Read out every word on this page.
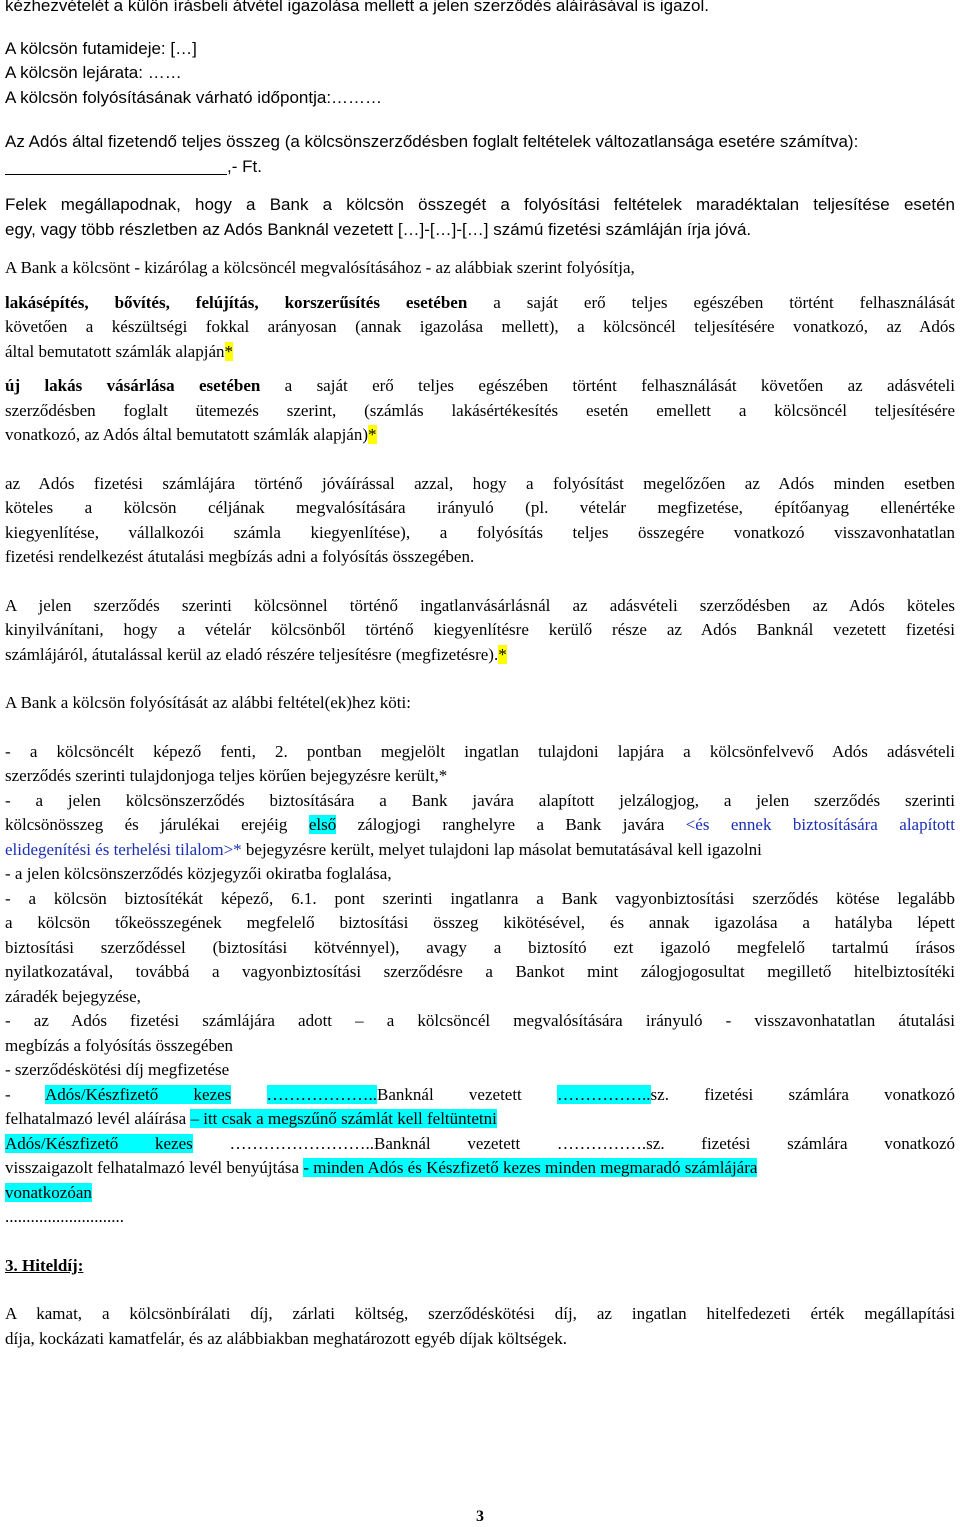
kézhezvételét a külön írásbeli átvétel igazolása mellett a jelen szerződés aláírásával is igazol.
A kölcsön futamideje: […]
A kölcsön lejárata: ……
A kölcsön folyósításának várható időpontja:………
Az Adós által fizetendő teljes összeg (a kölcsönszerződésben foglalt feltételek változatlansága esetére számítva):
,- Ft.
Felek megállapodnak, hogy a Bank a kölcsön összegét a folyósítási feltételek maradéktalan teljesítése esetén
egy, vagy több részletben az Adós Banknál vezetett […]-[…]-[…] számú fizetési számláján írja jóvá.
A Bank a kölcsönt - kizárólag a kölcsöncél megvalósításához - az alábbiak szerint folyósítja,
lakásépítés, bővítés, felújítás, korszerűsítés esetében a saját erő teljes egészében történt felhasználását
követően a készültségi fokkal arányosan (annak igazolása mellett), a kölcsöncél teljesítésére vonatkozó, az Adós
által bemutatott számlák alapján*
új lakás vásárlása esetében a saját erő teljes egészében történt felhasználását követően az adásvételi
szerződésben foglalt ütemezés szerint, (számlás lakásértékesítés esetén emellett a kölcsöncél teljesítésére
vonatkozó, az Adós által bemutatott számlák alapján)*
az Adós fizetési számlájára történő jóváírással azzal, hogy a folyósítást megelőzően az Adós minden esetben
köteles a kölcsön céljának megvalósítására irányuló (pl. vételár megfizetése, építőanyag ellenértéke
kiegyenlítése, vállalkozói számla kiegyenlítése), a folyósítás teljes összegére vonatkozó visszavonhatatlan
fizetési rendelkezést átutalási megbízás adni a folyósítás összegében.
A jelen szerződés szerinti kölcsönnel történő ingatlanvásárlásnál az adásvételi szerződésben az Adós köteles
kinyilvánítani, hogy a vételár kölcsönből történő kiegyenlítésre kerülő része az Adós Banknál vezetett fizetési
számlájáról, átutalással kerül az eladó részére teljesítésre (megfizetésre).*
A Bank a kölcsön folyósítását az alábbi feltétel(ek)hez köti:
- a kölcsöncélt képező fenti, 2. pontban megjelölt ingatlan tulajdoni lapjára a kölcsönfelvevő Adós adásvételi
szerződés szerinti tulajdonjoga teljes körűen bejegyzésre került,*
- a jelen kölcsönszerződés biztosítására a Bank javára alapított jelzálogjog, a jelen szerződés szerinti
kölcsönösszeg és járulékai erejéig első zálogjogi ranghelyre a Bank javára <és ennek biztosítására alapított
elidegenítési és terhelési tilalom>* bejegyzésre került, melyet tulajdoni lap másolat bemutatásával kell igazolni
- a jelen kölcsönszerződés közjegyzői okiratba foglalása,
- a kölcsön biztosítékát képező, 6.1. pont szerinti ingatlanra a Bank vagyonbiztosítási szerződés kötése legalább
a kölcsön tőkeösszegének megfelelő biztosítási összeg kikötésével, és annak igazolása a hatályba lépett
biztosítási szerződéssel (biztosítási kötvénnyel), avagy a biztosító ezt igazoló megfelelő tartalmú írásos
nyilatkozatával, továbbá a vagyonbiztosítási szerződésre a Bankot mint zálogjogosultat megillető hitelbiztosítéki
záradék bejegyzése,
- az Adós fizetési számlájára adott – a kölcsöncél megvalósítására irányuló - visszavonhatatlan átutalási
megbízás a folyósítás összegében
- szerződéskötési díj megfizetése
- Adós/Készfizető kezes ………………..Banknál vezetett ……………..sz. fizetési számlára vonatkozó
felhatalmazó levél aláírása – itt csak a megszűnő számlát kell feltüntetni
Adós/Készfizető kezes ……………………..Banknál vezetett …………….sz. fizetési számlára vonatkozó
visszaigazolt felhatalmazó levél benyújtása - minden Adós és Készfizető kezes minden megmaradó számlájára
vonatkozóan
............................
3. Hiteldíj:
A kamat, a kölcsönbírálati díj, zárlati költség, szerződéskötési díj, az ingatlan hitelfedezeti érték megállapítási
díja, kockázati kamatfelár, és az alábbiakban meghatározott egyéb díjak költségek.
3
